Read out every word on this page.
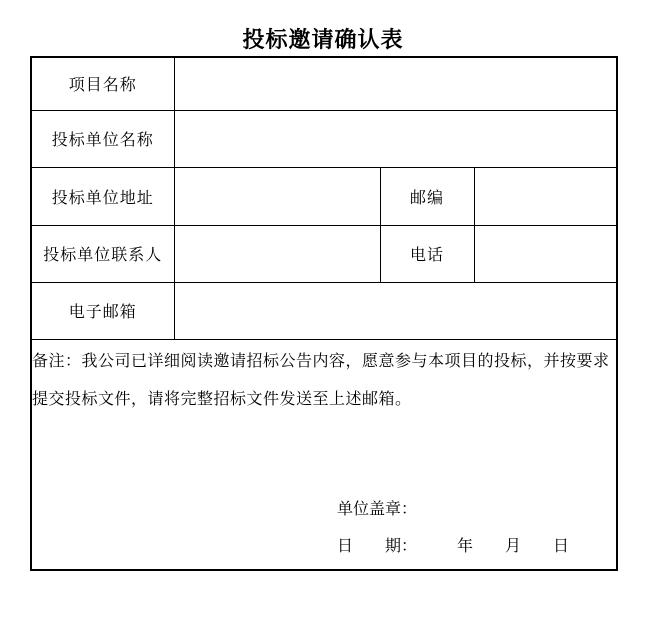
投标邀请确认表
项目名称			
投标单位名称			
投标单位地址		邮编	
投标单位联系人		电话	
电子邮箱			

备注：我公司已详细阅读邀请招标公告内容，愿意参与本项目的投标，并按要求提交投标文件，请将完整招标文件发送至上述邮箱。
单位盖章：
日　　期：　　　年　　月　　日			
